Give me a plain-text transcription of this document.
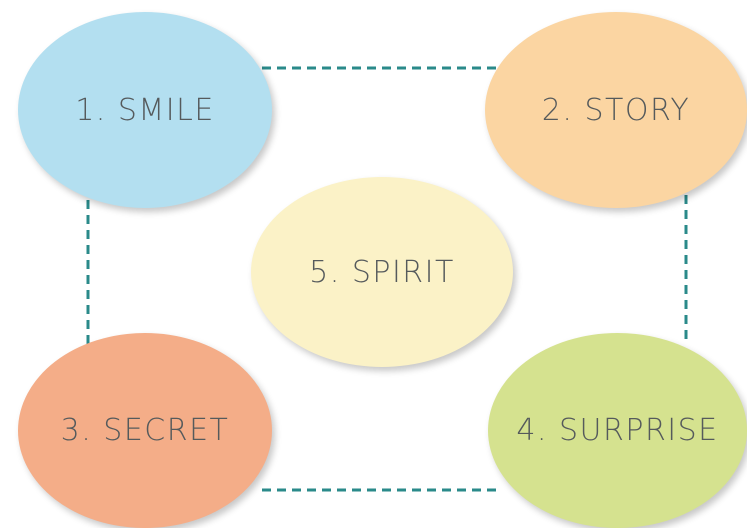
1. SMILE	2. STORY
3. SECRET	4. SURPRISE
5. SPIRIT
